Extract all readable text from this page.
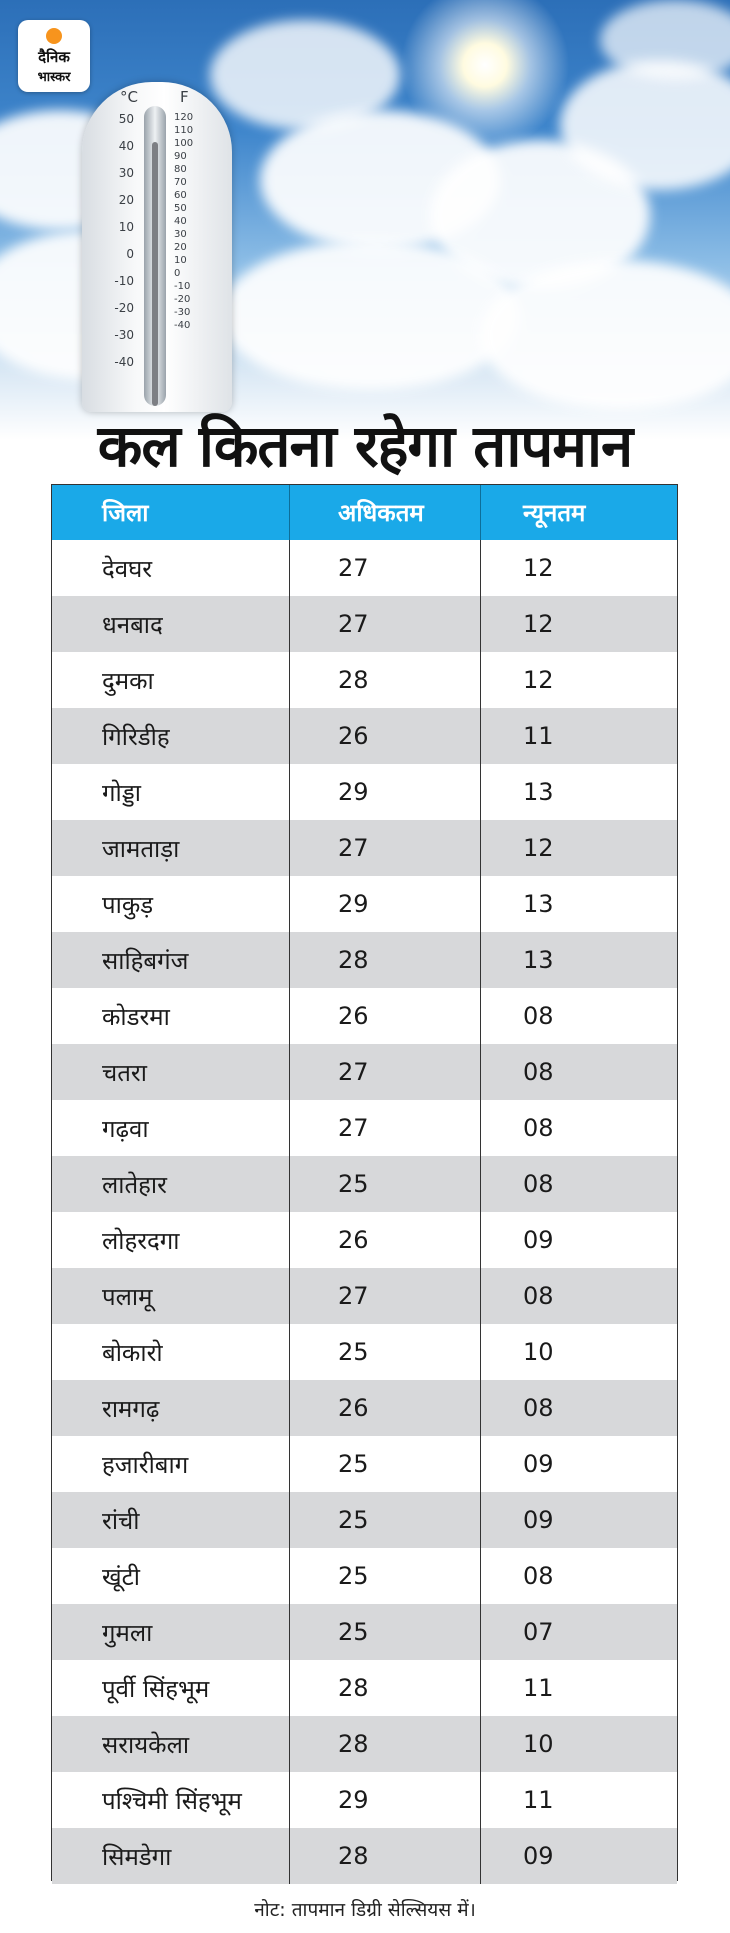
°C	F
50
40
30
20
10
0
-10
-20
-30
-40
120
110
100
90
80
70
60
50
40
30
20
10
0
-10
-20
-30
-40
दैनिक
भास्कर
कल कितना रहेगा तापमान
जिला	अधिकतम	न्यूनतम
देवघर	27	12
धनबाद	27	12
दुमका	28	12
गिरिडीह	26	11
गोड्डा	29	13
जामताड़ा	27	12
पाकुड़	29	13
साहिबगंज	28	13
कोडरमा	26	08
चतरा	27	08
गढ़वा	27	08
लातेहार	25	08
लोहरदगा	26	09
पलामू	27	08
बोकारो	25	10
रामगढ़	26	08
हजारीबाग	25	09
रांची	25	09
खूंटी	25	08
गुमला	25	07
पूर्वी सिंहभूम	28	11
सरायकेला	28	10
पश्चिमी सिंहभूम	29	11
सिमडेगा	28	09
नोट: तापमान डिग्री सेल्सियस में।
